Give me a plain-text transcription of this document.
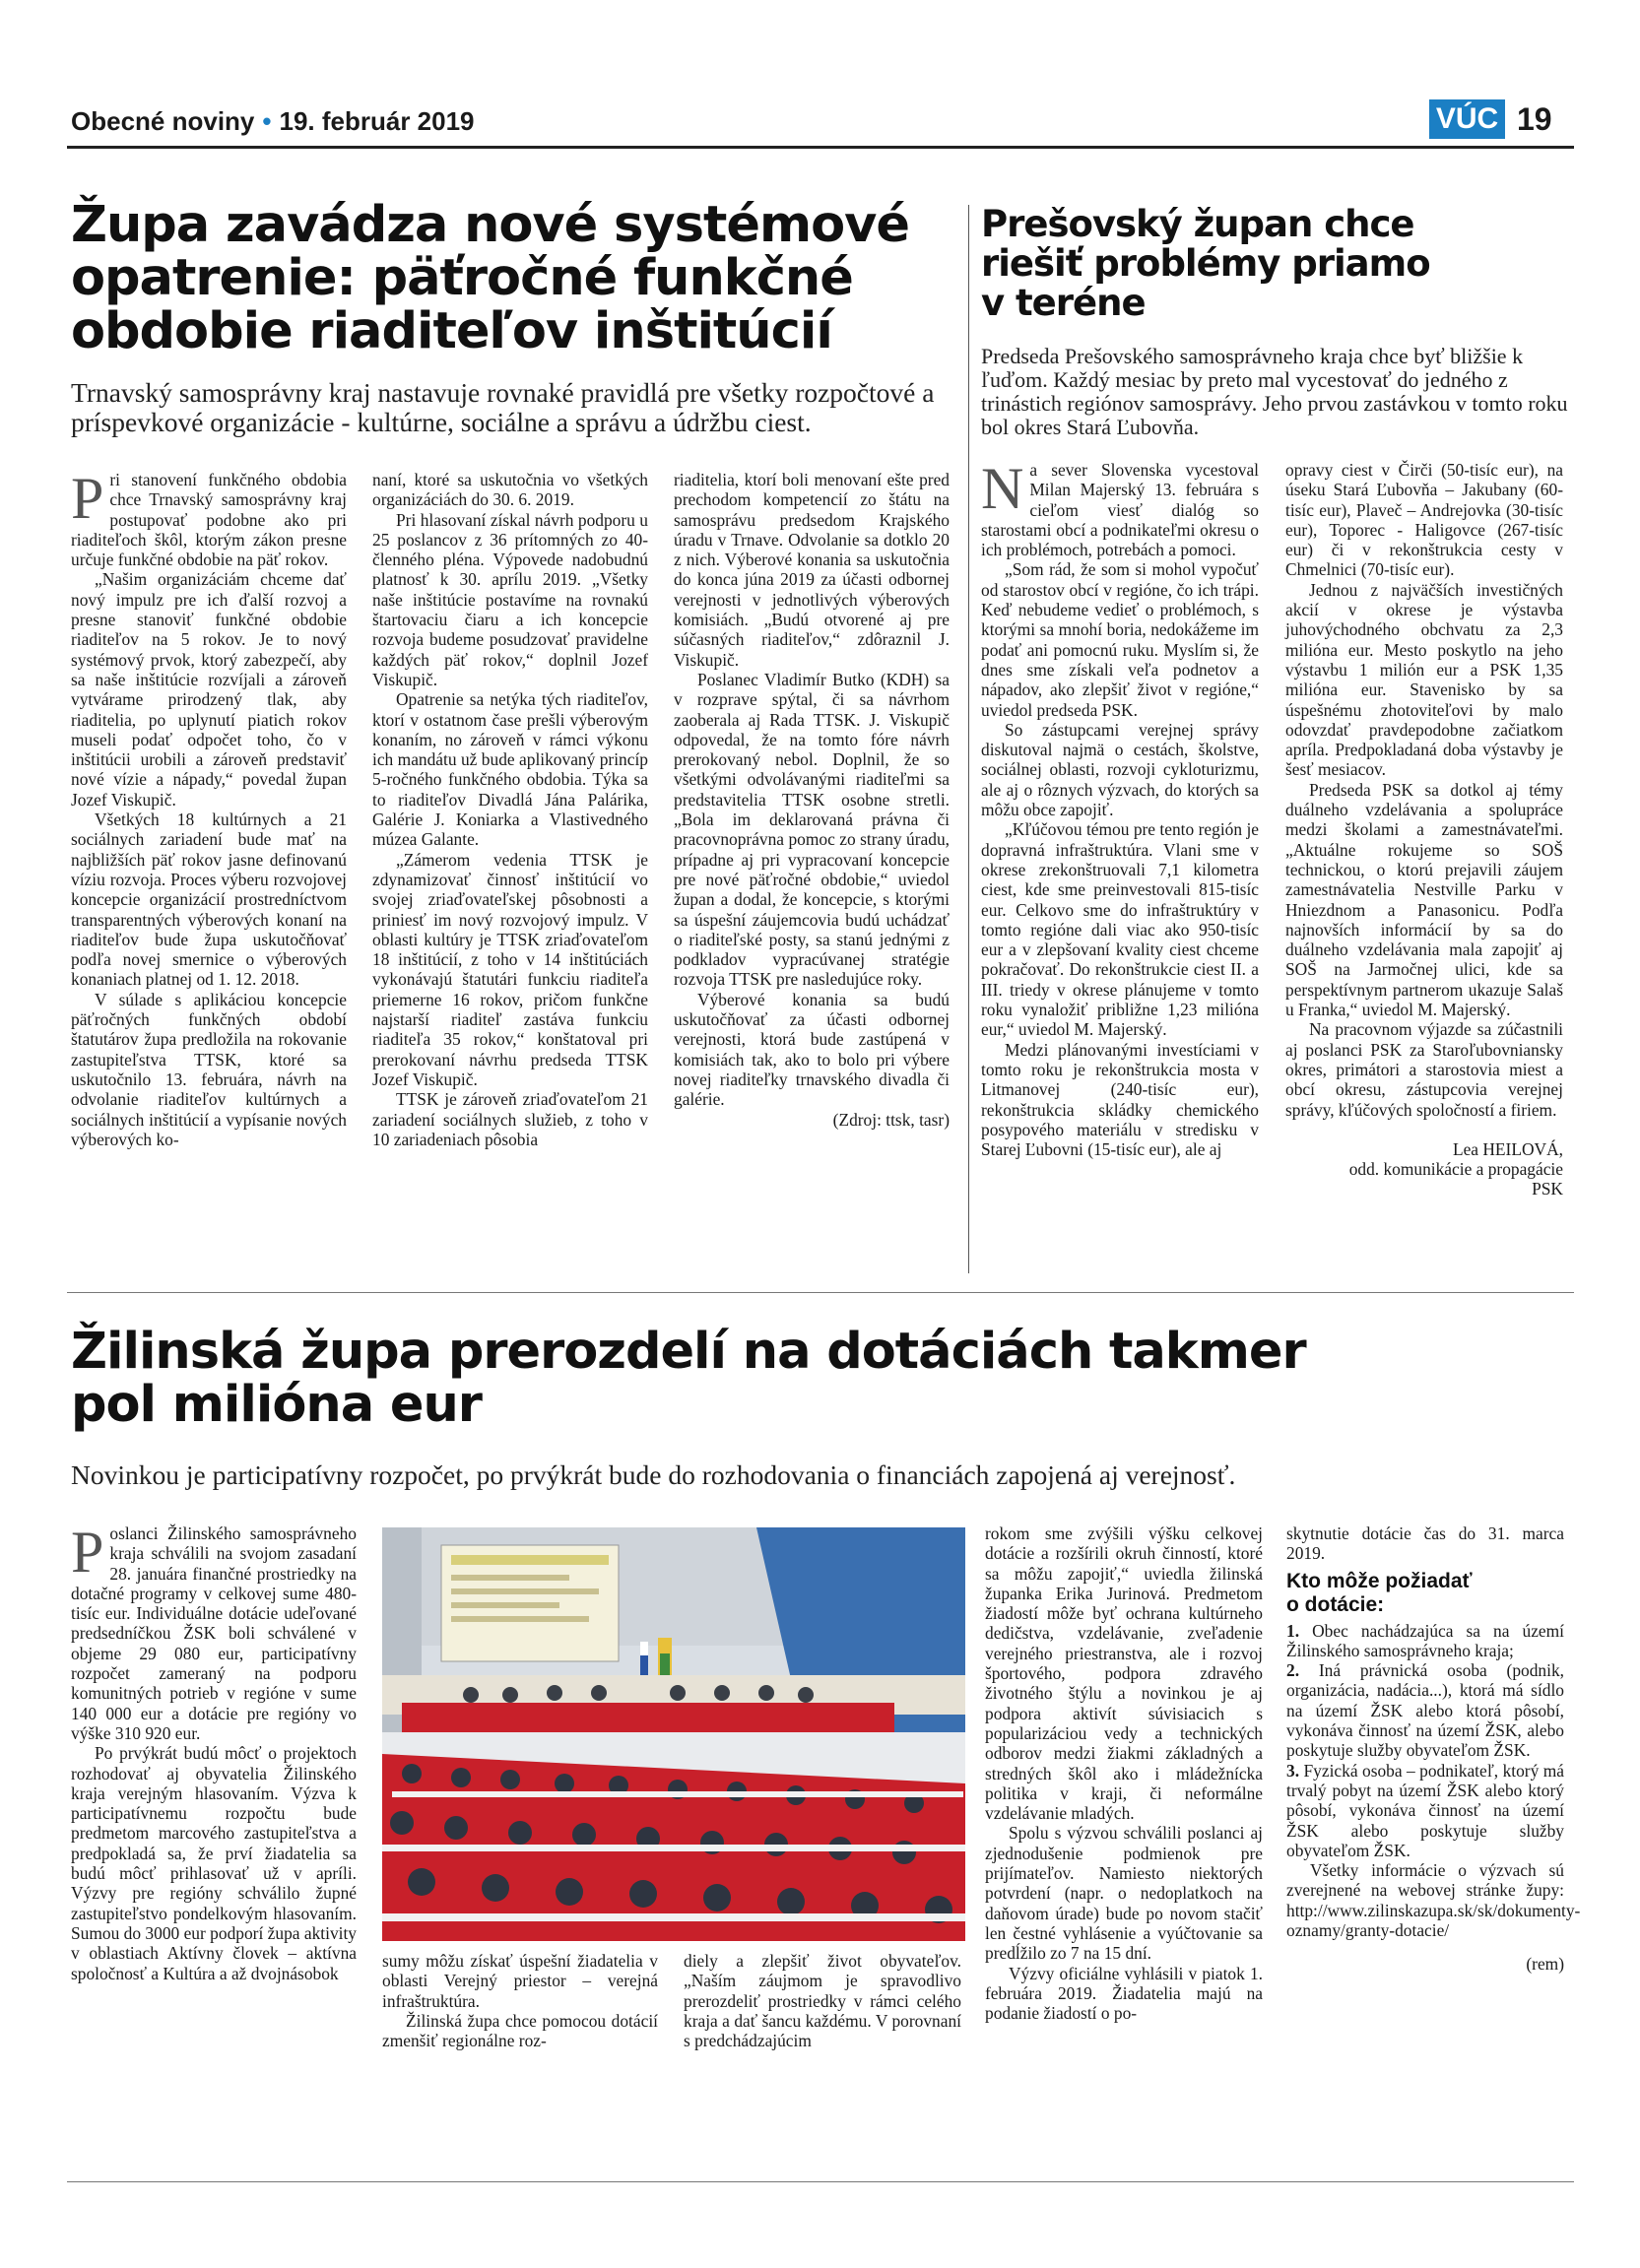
Obecné noviny • 19. február 2019	VÚC 19
Župa zavádza nové systémové
opatrenie: päťročné funkčné
obdobie riaditeľov inštitúcií

Trnavský samosprávny kraj nastavuje rovnaké pravidlá pre všetky rozpočtové a príspevkové organizácie - kultúrne, sociálne a správu a údržbu ciest.

P ri stanovení funkčného obdobia chce Trnavský samosprávny kraj postupovať podobne ako pri riaditeľoch škôl, ktorým zákon presne určuje funkčné obdobie na päť rokov.

„Našim organizáciám chceme dať nový impulz pre ich ďalší rozvoj a presne stanoviť funkčné obdobie riaditeľov na 5 rokov. Je to nový systémový prvok, ktorý zabezpečí, aby sa naše inštitúcie rozvíjali a zároveň vytvárame prirodzený tlak, aby riaditelia, po uplynutí piatich rokov museli podať odpočet toho, čo v inštitúcii urobili a zároveň predstaviť nové vízie a nápady,“ povedal župan Jozef Viskupič.

Všetkých 18 kultúrnych a 21 sociálnych zariadení bude mať na najbližších päť rokov jasne definovanú víziu rozvoja. Proces výberu rozvojovej koncepcie organizácií prostredníctvom transparentných výberových konaní na riaditeľov bude župa uskutočňovať podľa novej smernice o výberových konaniach platnej od 1. 12. 2018.

V súlade s aplikáciou koncepcie päťročných funkčných období štatutárov župa predložila na rokovanie zastupiteľstva TTSK, ktoré sa uskutočnilo 13. februára, návrh na odvolanie riaditeľov kultúrnych a sociálnych inštitúcií a vypísanie nových výberových ko-

naní, ktoré sa uskutočnia vo všetkých organizáciách do 30. 6. 2019.

Pri hlasovaní získal návrh podporu u 25 poslancov z 36 prítomných zo 40-členného pléna. Výpovede nadobudnú platnosť k 30. aprílu 2019. „Všetky naše inštitúcie postavíme na rovnakú štartovaciu čiaru a ich koncepcie rozvoja budeme posudzovať pravidelne každých päť rokov,“ doplnil Jozef Viskupič.

Opatrenie sa netýka tých riaditeľov, ktorí v ostatnom čase prešli výberovým konaním, no zároveň v rámci výkonu ich mandátu už bude aplikovaný princíp 5-ročného funkčného obdobia. Týka sa to riaditeľov Divadlá Jána Palárika, Galérie J. Koniarka a Vlastivedného múzea Galante.

„Zámerom vedenia TTSK je zdynamizovať činnosť inštitúcií vo svojej zriaďovateľskej pôsobnosti a priniesť im nový rozvojový impulz. V oblasti kultúry je TTSK zriaďovateľom 18 inštitúcií, z toho v 14 inštitúciách vykonávajú štatutári funkciu riaditeľa priemerne 16 rokov, pričom funkčne najstarší riaditeľ zastáva funkciu riaditeľa 35 rokov,“ konštatoval pri prerokovaní návrhu predseda TTSK Jozef Viskupič.

TTSK je zároveň zriaďovateľom 21 zariadení sociálnych služieb, z toho v 10 zariadeniach pôsobia

riaditelia, ktorí boli menovaní ešte pred prechodom kompetencií zo štátu na samosprávu predsedom Krajského úradu v Trnave. Odvolanie sa dotklo 20 z nich. Výberové konania sa uskutočnia do konca júna 2019 za účasti odbornej verejnosti v jednotlivých výberových komisiách. „Budú otvorené aj pre súčasných riaditeľov,“ zdôraznil J. Viskupič.

Poslanec Vladimír Butko (KDH) sa v rozprave spýtal, či sa návrhom zaoberala aj Rada TTSK. J. Viskupič odpovedal, že na tomto fóre návrh prerokovaný nebol. Doplnil, že so všetkými odvolávanými riaditeľmi sa predstavitelia TTSK osobne stretli. „Bola im deklarovaná právna či pracovnoprávna pomoc zo strany úradu, prípadne aj pri vypracovaní koncepcie pre nové päťročné obdobie,“ uviedol župan a dodal, že koncepcie, s ktorými sa úspešní záujemcovia budú uchádzať o riaditeľské posty, sa stanú jednými z podkladov vypracúvanej stratégie rozvoja TTSK pre nasledujúce roky.

Výberové konania sa budú uskutočňovať za účasti odbornej verejnosti, ktorá bude zastúpená v komisiách tak, ako to bolo pri výbere novej riaditeľky trnavského divadla či galérie.

(Zdroj: ttsk, tasr)

Prešovský župan chce
riešiť problémy priamo
v teréne

Predseda Prešovského samosprávneho kraja chce byť bližšie k ľuďom. Každý mesiac by preto mal vycestovať do jedného z trinástich regiónov samosprávy. Jeho prvou zastávkou v tomto roku bol okres Stará Ľubovňa.

N a sever Slovenska vycestoval Milan Majerský 13. februára s cieľom viesť dialóg so starostami obcí a podnikateľmi okresu o ich problémoch, potrebách a pomoci.

„Som rád, že som si mohol vypočuť od starostov obcí v regióne, čo ich trápi. Keď nebudeme vedieť o problémoch, s ktorými sa mnohí boria, nedokážeme im podať ani pomocnú ruku. Myslím si, že dnes sme získali veľa podnetov a nápadov, ako zlepšiť život v regióne,“ uviedol predseda PSK.

So zástupcami verejnej správy diskutoval najmä o cestách, školstve, sociálnej oblasti, rozvoji cykloturizmu, ale aj o rôznych výzvach, do ktorých sa môžu obce zapojiť.

„Kľúčovou témou pre tento región je dopravná infraštruktúra. Vlani sme v okrese zrekonštruovali 7,1 kilometra ciest, kde sme preinvestovali 815-tisíc eur. Celkovo sme do infraštruktúry v tomto regióne dali viac ako 950-tisíc eur a v zlepšovaní kvality ciest chceme pokračovať. Do rekonštrukcie ciest II. a III. triedy v okrese plánujeme v tomto roku vynaložiť približne 1,23 milióna eur,“ uviedol M. Majerský.

Medzi plánovanými investíciami v tomto roku je rekonštrukcia mosta v Litmanovej (240-tisíc eur), rekonštrukcia skládky chemického posypového materiálu v stredisku v Starej Ľubovni (15-tisíc eur), ale aj

opravy ciest v Čirči (50-tisíc eur), na úseku Stará Ľubovňa – Jakubany (60-tisíc eur), Plaveč – Andrejovka (30-tisíc eur), Toporec - Haligovce (267-tisíc eur) či v rekonštrukcia cesty v Chmelnici (70-tisíc eur).

Jednou z najväčších investičných akcií v okrese je výstavba juhovýchodného obchvatu za 2,3 milióna eur. Mesto poskytlo na jeho výstavbu 1 milión eur a PSK 1,35 milióna eur. Stavenisko by sa úspešnému zhotoviteľovi by malo odovzdať pravdepodobne začiatkom apríla. Predpokladaná doba výstavby je šesť mesiacov.

Predseda PSK sa dotkol aj témy duálneho vzdelávania a spolupráce medzi školami a zamestnávateľmi. „Aktuálne rokujeme so SOŠ technickou, o ktorú prejavili záujem zamestnávatelia Nestville Parku v Hniezdnom a Panasonicu. Podľa najnovších informácií by sa do duálneho vzdelávania mala zapojiť aj SOŠ na Jarmočnej ulici, kde sa perspektívnym partnerom ukazuje Salaš u Franka,“ uviedol M. Majerský.

Na pracovnom výjazde sa zúčastnili aj poslanci PSK za Staroľubovniansky okres, primátori a starostovia miest a obcí okresu, zástupcovia verejnej správy, kľúčových spoločností a firiem.

Lea HEILOVÁ,

odd. komunikácie a propagácie

PSK

Žilinská župa prerozdelí na dotáciách takmer
pol milióna eur

Novinkou je participatívny rozpočet, po prvýkrát bude do rozhodovania o financiách zapojená aj verejnosť.

P oslanci Žilinského samosprávneho kraja schválili na svojom zasadaní 28. januára finančné prostriedky na dotačné programy v celkovej sume 480-tisíc eur. Individuálne dotácie udeľované predsedníčkou ŽSK boli schválené v objeme 29 080 eur, participatívny rozpočet zameraný na podporu komunitných potrieb v regióne v sume 140 000 eur a dotácie pre regióny vo výške 310 920 eur.

Po prvýkrát budú môcť o projektoch rozhodovať aj obyvatelia Žilinského kraja verejným hlasovaním. Výzva k participatívnemu rozpočtu bude predmetom marcového zastupiteľstva a predpokladá sa, že prví žiadatelia sa budú môcť prihlasovať už v apríli. Výzvy pre regióny schválilo župné zastupiteľstvo pondelkovým hlasovaním. Sumou do 3000 eur podporí župa aktivity v oblastiach Aktívny človek – aktívna spoločnosť a Kultúra a až dvojnásobok

sumy môžu získať úspešní žiadatelia v oblasti Verejný priestor – verejná infraštruktúra.

Žilinská župa chce pomocou dotácií zmenšiť regionálne roz-

diely a zlepšiť život obyvateľov. „Naším záujmom je spravodlivo prerozdeliť prostriedky v rámci celého kraja a dať šancu každému. V porovnaní s predchádzajúcim

rokom sme zvýšili výšku celkovej dotácie a rozšírili okruh činností, ktoré sa môžu zapojiť,“ uviedla žilinská županka Erika Jurinová. Predmetom žiadostí môže byť ochrana kultúrneho dedičstva, vzdelávanie, zveľadenie verejného priestranstva, ale i rozvoj športového, podpora zdravého životného štýlu a novinkou je aj podpora aktivít súvisiacich s popularizáciou vedy a technických odborov medzi žiakmi základných a stredných škôl ako i mládežnícka politika v kraji, či neformálne vzdelávanie mladých.

Spolu s výzvou schválili poslanci aj zjednodušenie podmienok pre prijímateľov. Namiesto niektorých potvrdení (napr. o nedoplatkoch na daňovom úrade) bude po novom stačiť len čestné vyhlásenie a vyúčtovanie sa predĺžilo zo 7 na 15 dní.

Výzvy oficiálne vyhlásili v piatok 1. februára 2019. Žiadatelia majú na podanie žiadostí o po-

skytnutie dotácie čas do 31. marca 2019.

Kto môže požiadať
o dotácie:

1. Obec nachádzajúca sa na území Žilinského samosprávneho kraja;

2. Iná právnická osoba (podnik, organizácia, nadácia...), ktorá má sídlo na území ŽSK alebo ktorá pôsobí, vykonáva činnosť na území ŽSK, alebo poskytuje služby obyvateľom ŽSK.

3. Fyzická osoba – podnikateľ, ktorý má trvalý pobyt na území ŽSK alebo ktorý pôsobí, vykonáva činnosť na území ŽSK alebo poskytuje služby obyvateľom ŽSK.

Všetky informácie o výzvach sú zverejnené na webovej stránke župy: http://www.zilinskazupa.sk/sk/dokumenty-oznamy/granty-dotacie/

(rem)
